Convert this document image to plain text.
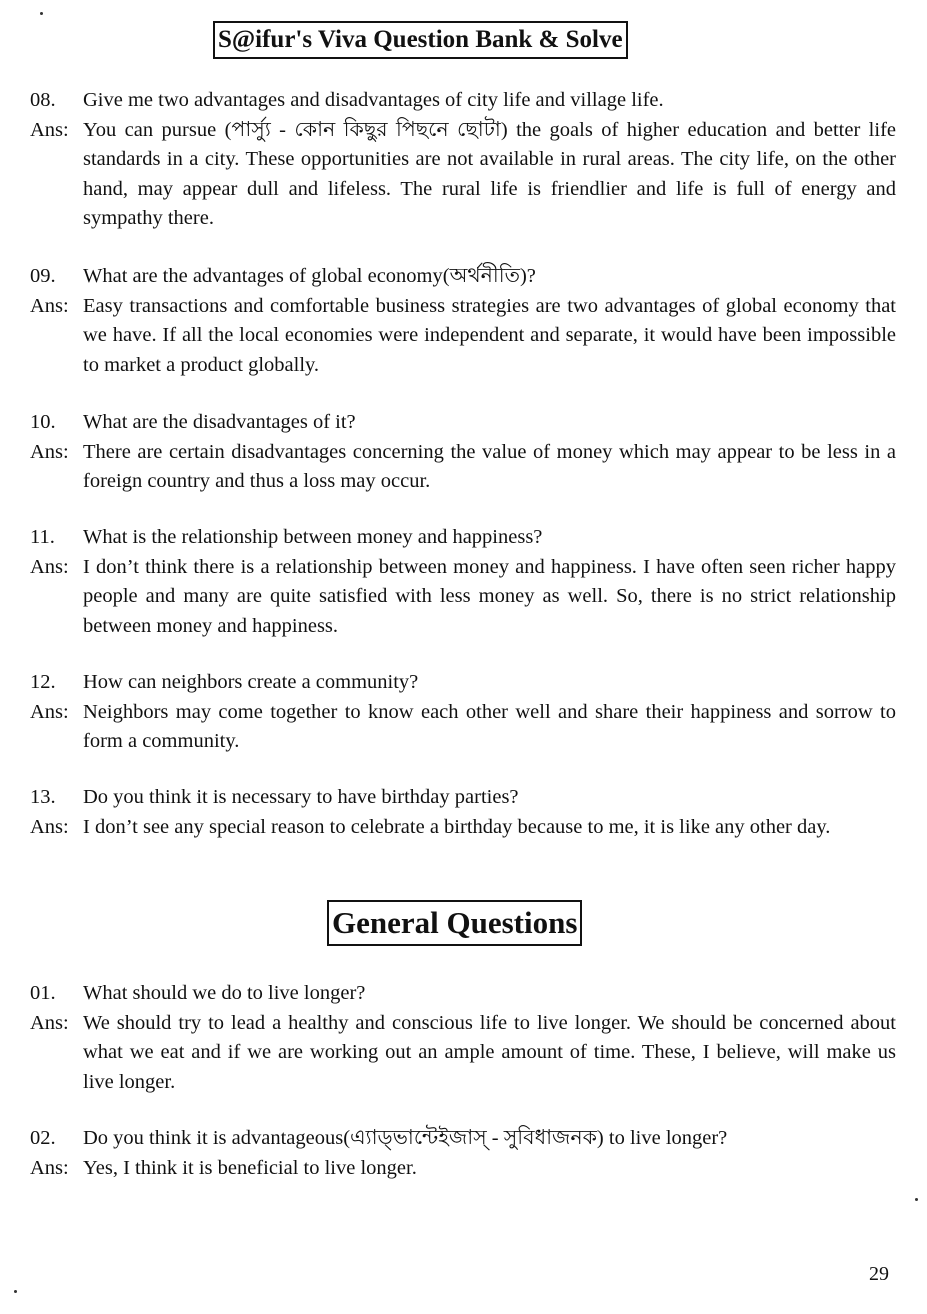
S@ifur's Viva Question Bank & Solve
08.	Give me two advantages and disadvantages of city life and village life.
Ans: You can pursue (পার্স্যু - কোন কিছুর পিছনে ছোটা) the goals of higher education and better life standards in a city. These opportunities are not available in rural areas. The city life, on the other hand, may appear dull and lifeless. The rural life is friendlier and life is full of energy and sympathy there.
09.	What are the advantages of global economy(অর্থনীতি)?
Ans: Easy transactions and comfortable business strategies are two advantages of global economy that we have. If all the local economies were independent and separate, it would have been impossible to market a product globally.
10.	What are the disadvantages of it?
Ans: There are certain disadvantages concerning the value of money which may appear to be less in a foreign country and thus a loss may occur.
11.	What is the relationship between money and happiness?
Ans: I don’t think there is a relationship between money and happiness. I have often seen richer happy people and many are quite satisfied with less money as well. So, there is no strict relationship between money and happiness.
12.	How can neighbors create a community?
Ans: Neighbors may come together to know each other well and share their happiness and sorrow to form a community.
13.	Do you think it is necessary to have birthday parties?
Ans: I don’t see any special reason to celebrate a birthday because to me, it is like any other day.
General Questions
01.	What should we do to live longer?
Ans: We should try to lead a healthy and conscious life to live longer. We should be concerned about what we eat and if we are working out an ample amount of time. These, I believe, will make us live longer.
02.	Do you think it is advantageous(এ্যাড্ভান্টেইজাস্ - সুবিধাজনক) to live longer?
Ans: Yes, I think it is beneficial to live longer.
29
